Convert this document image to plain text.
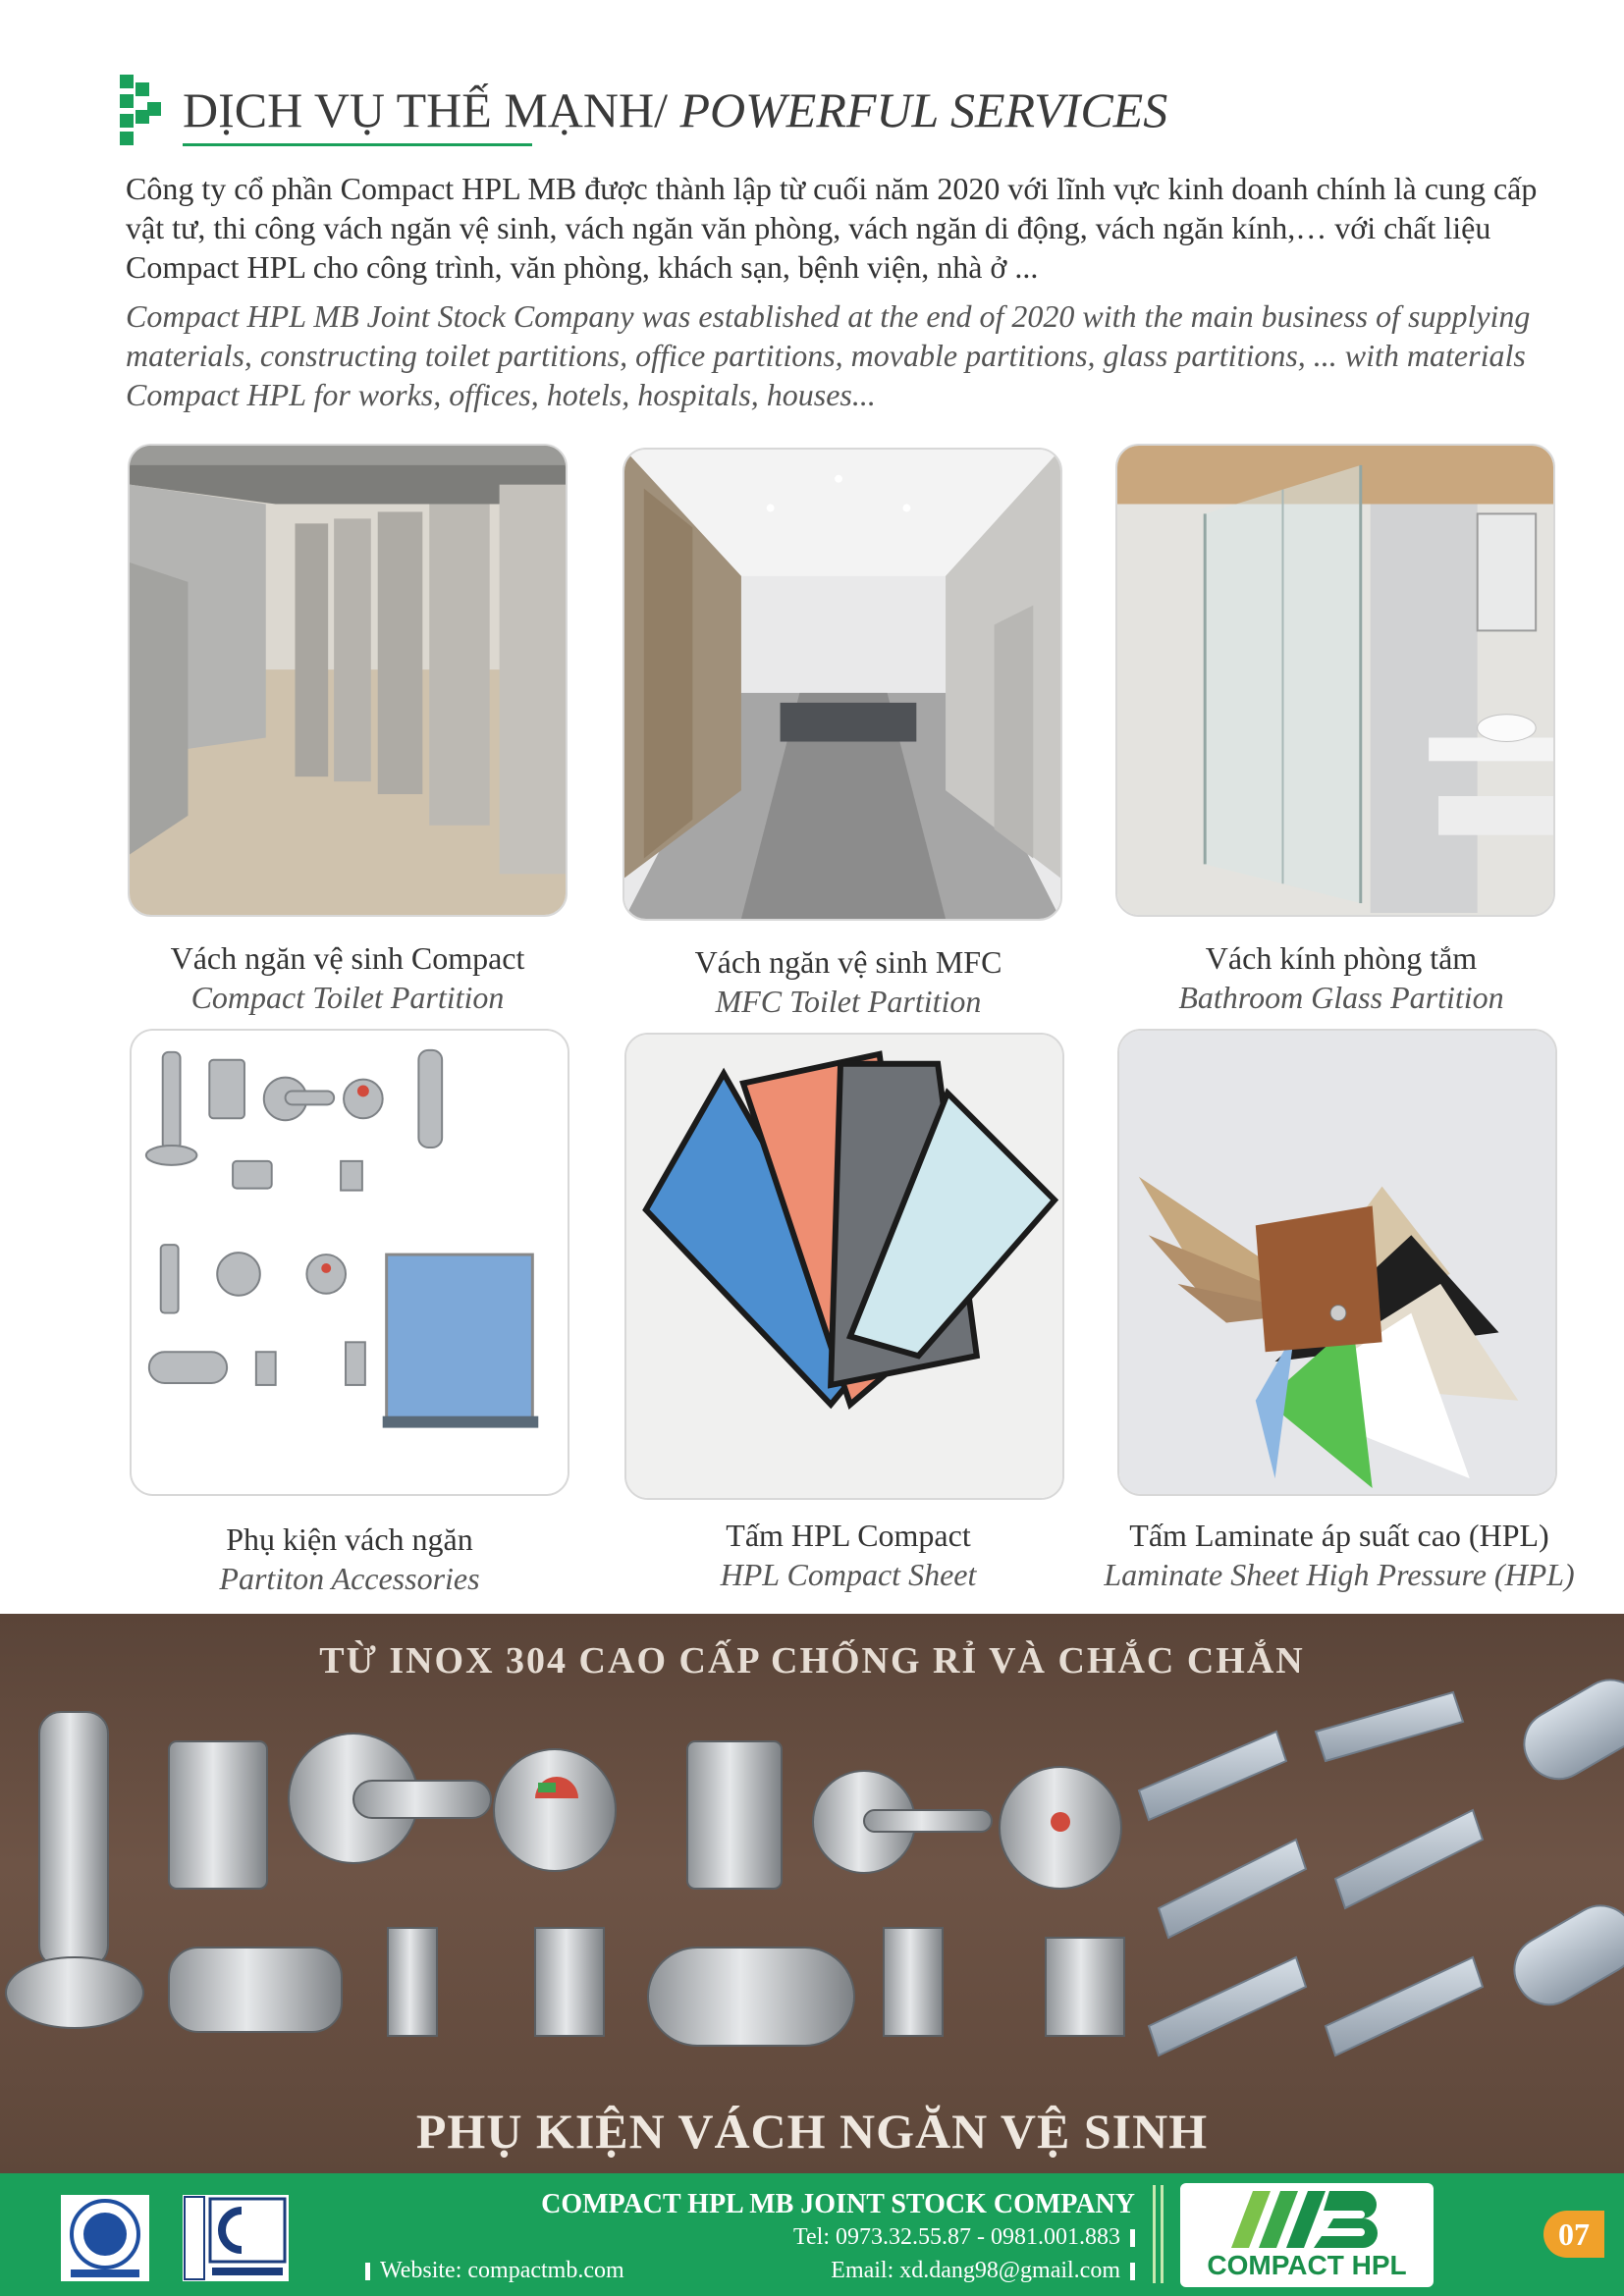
DỊCH VỤ THẾ MẠNH/ POWERFUL SERVICES
Công ty cổ phần Compact HPL MB được thành lập từ cuối năm 2020 với lĩnh vực kinh doanh chính là cung cấp vật tư, thi công vách ngăn vệ sinh, vách ngăn văn phòng, vách ngăn di động, vách ngăn kính,… với chất liệu Compact HPL cho công trình, văn phòng, khách sạn, bệnh viện, nhà ở ...
Compact HPL MB Joint Stock Company was established at the end of 2020 with the main business of supplying materials, constructing toilet partitions, office partitions, movable partitions, glass partitions, ... with materials Compact HPL for works, offices, hotels, hospitals, houses...
Vách ngăn vệ sinh Compact
Compact Toilet Partition
Vách ngăn vệ sinh MFC
MFC Toilet Partition
Vách kính phòng tắm
Bathroom Glass Partition
Phụ kiện vách ngăn
Partiton Accessories
Tấm HPL Compact
HPL Compact Sheet
Tấm Laminate áp suất cao (HPL)
Laminate Sheet High Pressure (HPL)
TỪ INOX 304 CAO CẤP CHỐNG RỈ VÀ CHẮC CHẮN
PHỤ KIỆN VÁCH NGĂN VỆ SINH
COMPACT HPL MB JOINT STOCK COMPANY
Tel: 0973.32.55.87 - 0981.001.883
Website: compactmb.com	Email: xd.dang98@gmail.com	COMPACT HPL
07
